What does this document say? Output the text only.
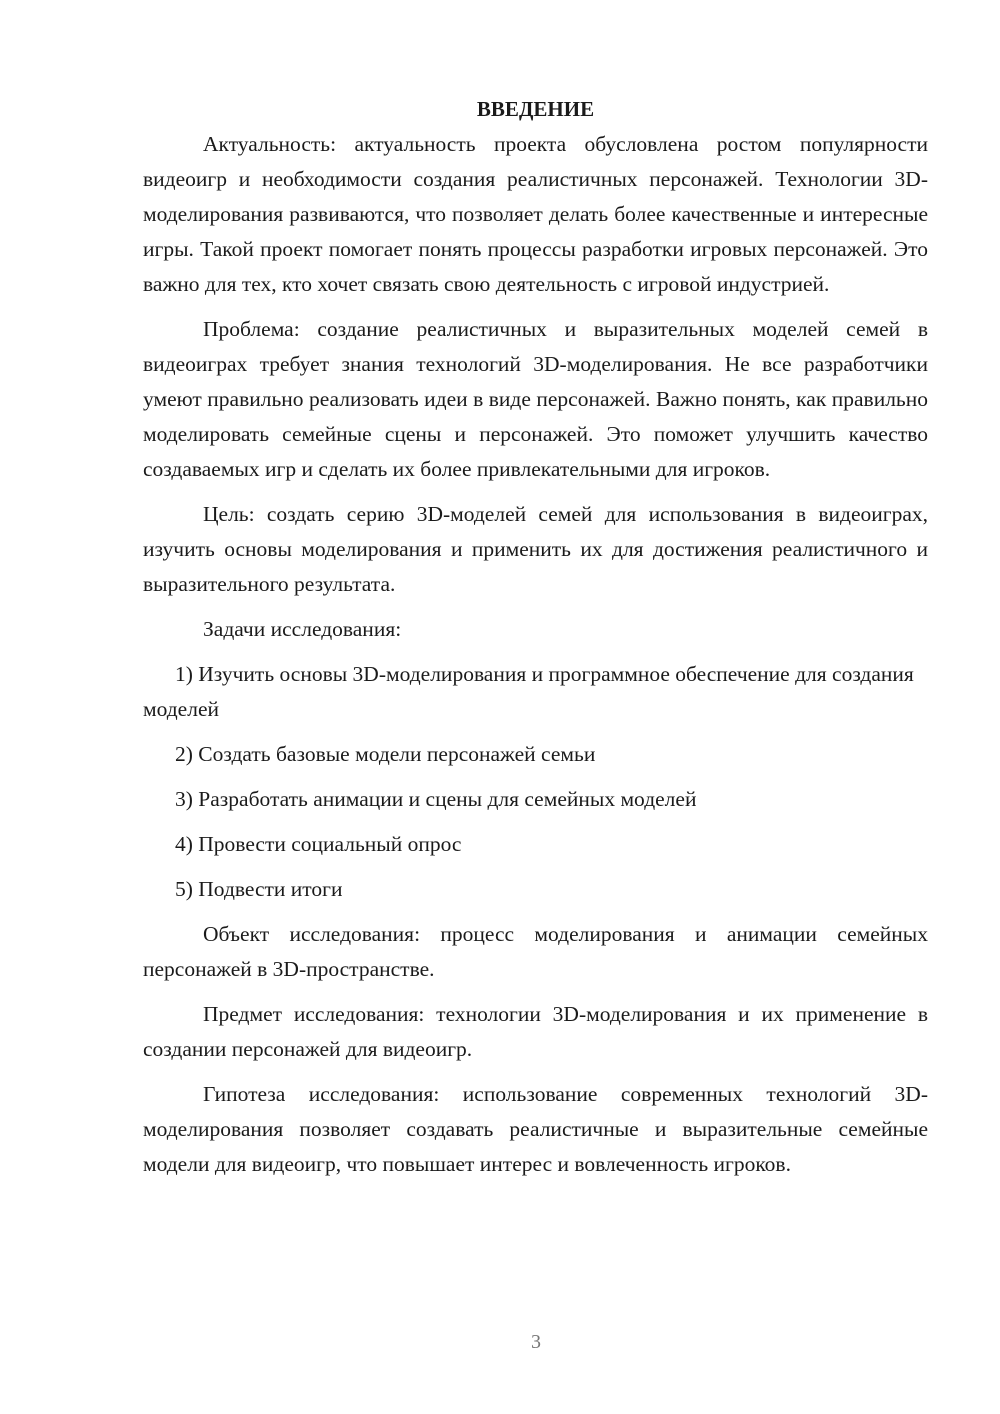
ВВЕДЕНИЕ

Актуальность: актуальность проекта обусловлена ростом популярности видеоигр и необходимости создания реалистичных персонажей. Технологии 3D-моделирования развиваются, что позволяет делать более качественные и интересные игры. Такой проект помогает понять процессы разработки игровых персонажей. Это важно для тех, кто хочет связать свою деятельность с игровой индустрией.

Проблема: создание реалистичных и выразительных моделей семей в видеоиграх требует знания технологий 3D-моделирования. Не все разработчики умеют правильно реализовать идеи в виде персонажей. Важно понять, как правильно моделировать семейные сцены и персонажей. Это поможет улучшить качество создаваемых игр и сделать их более привлекательными для игроков.

Цель: создать серию 3D-моделей семей для использования в видеоиграх, изучить основы моделирования и применить их для достижения реалистичного и выразительного результата.

Задачи исследования:

1) Изучить основы 3D-моделирования и программное обеспечение для создания моделей

2) Создать базовые модели персонажей семьи

3) Разработать анимации и сцены для семейных моделей

4) Провести социальный опрос

5) Подвести итоги

Объект исследования: процесс моделирования и анимации семейных персонажей в 3D-пространстве.

Предмет исследования: технологии 3D-моделирования и их применение в создании персонажей для видеоигр.

Гипотеза исследования: использование современных технологий 3D-моделирования позволяет создавать реалистичные и выразительные семейные модели для видеоигр, что повышает интерес и вовлеченность игроков.

3
